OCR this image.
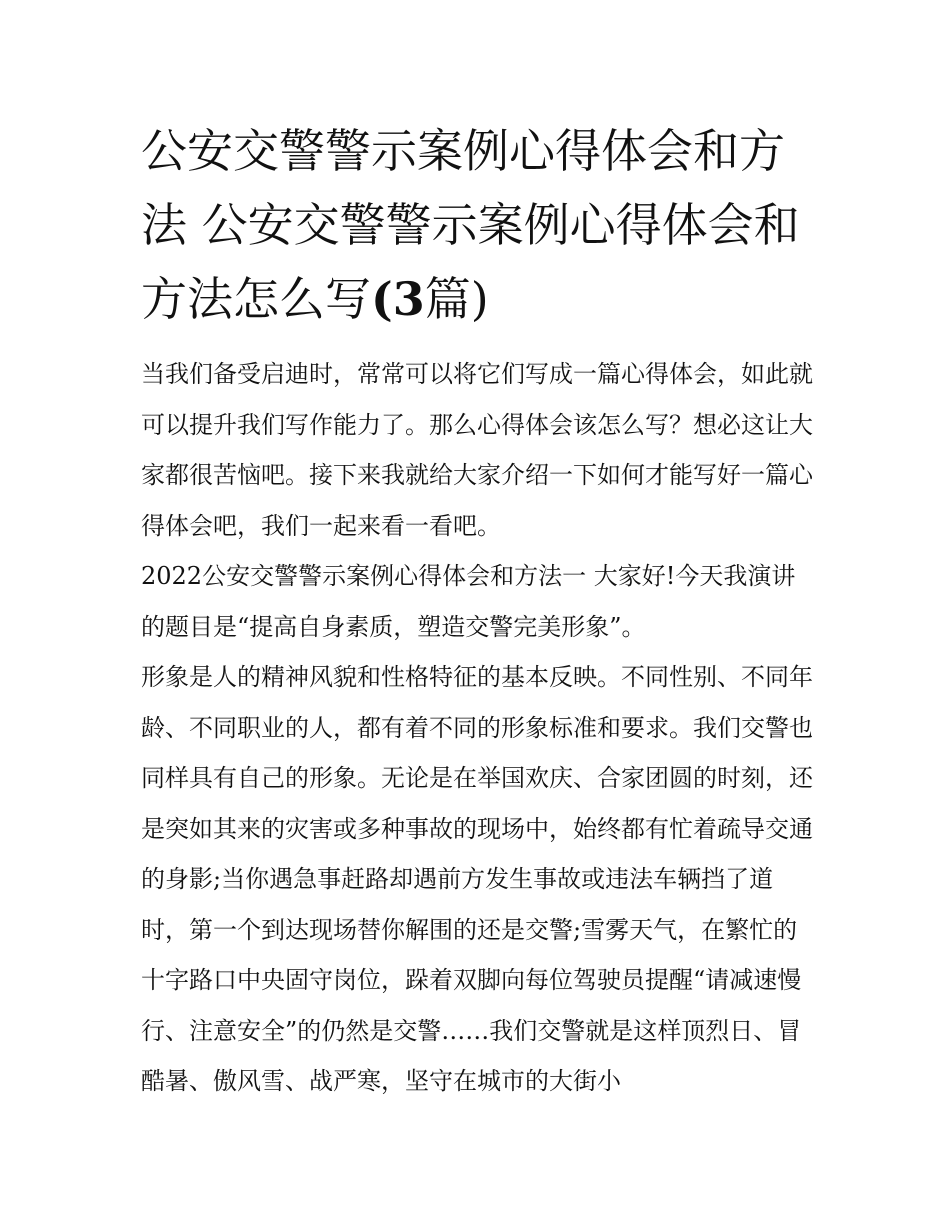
公安交警警示案例心得体会和方法 公安交警警示案例心得体会和方法怎么写(3篇)

当我们备受启迪时，常常可以将它们写成一篇心得体会，如此就可以提升我们写作能力了。那么心得体会该怎么写？想必这让大家都很苦恼吧。接下来我就给大家介绍一下如何才能写好一篇心得体会吧，我们一起来看一看吧。

2022公安交警警示案例心得体会和方法一 大家好!今天我演讲的题目是“提高自身素质，塑造交警完美形象”。

形象是人的精神风貌和性格特征的基本反映。不同性别、不同年龄、不同职业的人，都有着不同的形象标准和要求。我们交警也同样具有自己的形象。无论是在举国欢庆、合家团圆的时刻，还是突如其来的灾害或多种事故的现场中，始终都有忙着疏导交通的身影;当你遇急事赶路却遇前方发生事故或违法车辆挡了道时，第一个到达现场替你解围的还是交警;雪雾天气，在繁忙的十字路口中央固守岗位，跺着双脚向每位驾驶员提醒“请减速慢行、注意安全”的仍然是交警……我们交警就是这样顶烈日、冒酷暑、傲风雪、战严寒，坚守在城市的大街小
